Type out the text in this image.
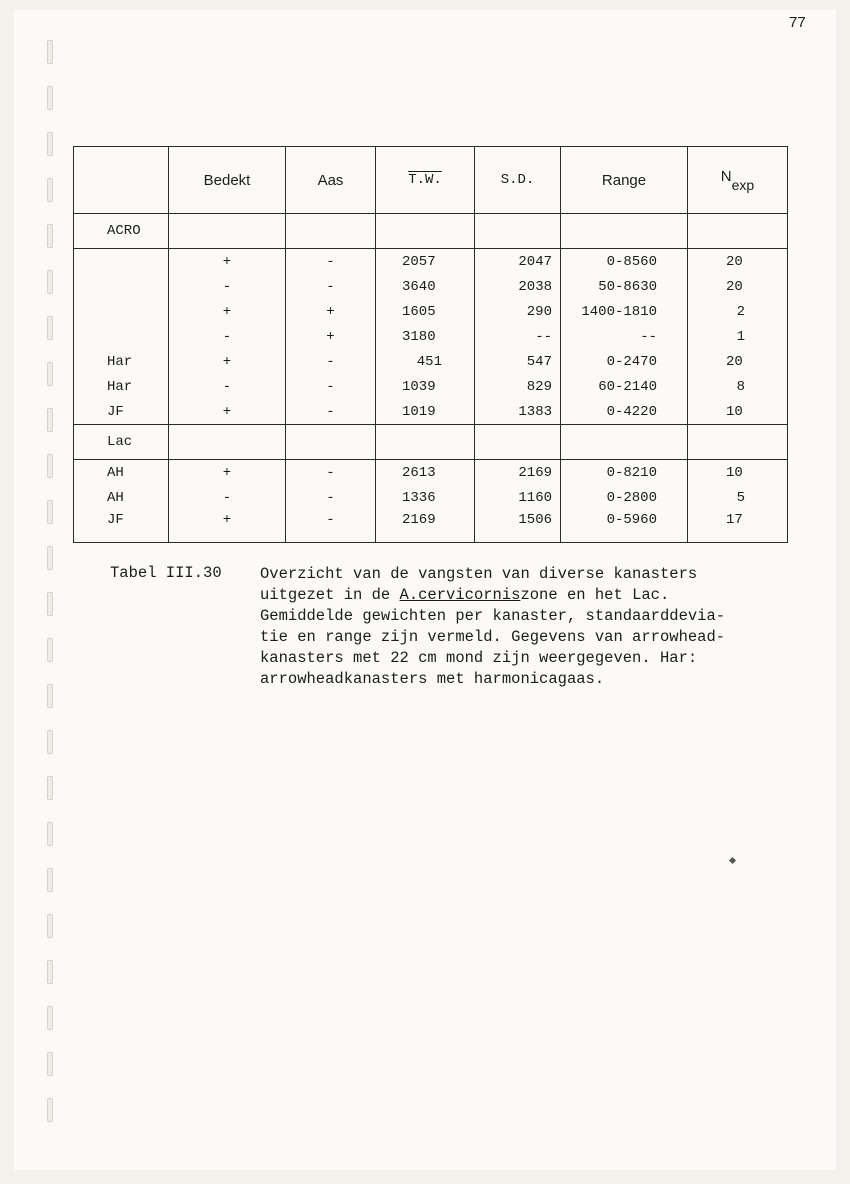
77
	Bedekt	Aas	T.W.	S.D.	Range	Nexp
ACRO						
	+	-	2057	2047	0-8560	20
	-	-	3640	2038	50-8630	20
	+	+	1605	290	1400-1810	2
	-	+	3180	--	--	1
Har	+	-	451	547	0-2470	20
Har	-	-	1039	829	60-2140	8
JF	+	-	1019	1383	0-4220	10
Lac						
AH	+	-	2613	2169	0-8210	10
AH	-	-	1336	1160	0-2800	5
JF	+	-	2169	1506	0-5960	17
Tabel III.30 Overzicht van de vangsten van diverse kanasters
uitgezet in de A.cervicorniszone en het Lac.
Gemiddelde gewichten per kanaster, standaarddevia-
tie en range zijn vermeld. Gegevens van arrowhead-
kanasters met 22 cm mond zijn weergegeven. Har:
arrowheadkanasters met harmonicagaas.
